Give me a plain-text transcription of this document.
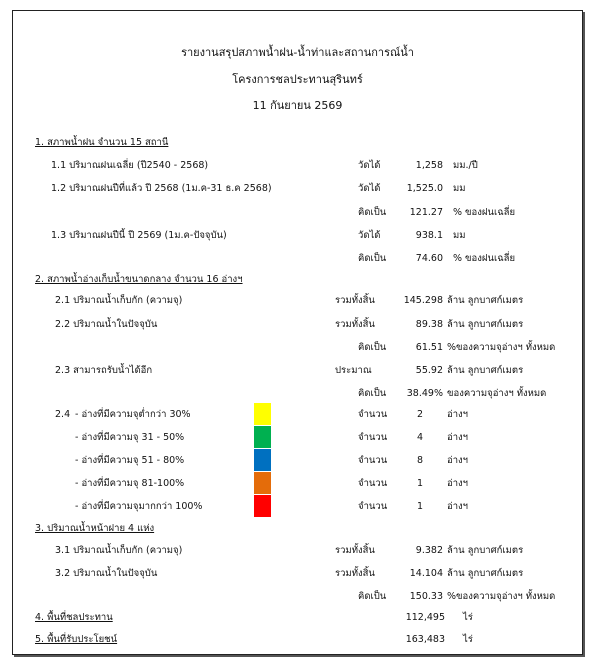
รายงานสรุปสภาพน้ำฝน-น้ำท่าและสถานการณ์น้ำ
โครงการชลประทานสุรินทร์
11 กันยายน 2569
1. สภาพน้ำฝน จำนวน 15 สถานี
1.1 ปริมาณฝนเฉลี่ย (ปี2540 - 2568)	วัดได้	1,258 มม./ปี
1.2 ปริมาณฝนปีที่แล้ว ปี 2568 (1ม.ค-31 ธ.ค 2568)	วัดได้	1,525.0 มม
คิดเป็น	121.27 % ของฝนเฉลี่ย
1.3 ปริมาณฝนปีนี้ ปี 2569 (1ม.ค-ปัจจุบัน)	วัดได้	938.1 มม
คิดเป็น	74.60 % ของฝนเฉลี่ย
2. สภาพน้ำอ่างเก็บน้ำขนาดกลาง จำนวน 16 อ่างฯ
2.1 ปริมาณน้ำเก็บกัก (ความจุ)	รวมทั้งสิ้น	145.298 ล้าน ลูกบาศก์เมตร
2.2 ปริมาณน้ำในปัจจุบัน	รวมทั้งสิ้น	89.38 ล้าน ลูกบาศก์เมตร
คิดเป็น	61.51 %ของความจุอ่างฯ ทั้งหมด
2.3 สามารถรับน้ำได้อีก	ประมาณ	55.92 ล้าน ลูกบาศก์เมตร
คิดเป็น	38.49% ของความจุอ่างฯ ทั้งหมด
2.4 - อ่างที่มีความจุต่ำกว่า 30%	จำนวน	2	อ่างฯ
- อ่างที่มีความจุ 31 - 50%	จำนวน	4	อ่างฯ
- อ่างที่มีความจุ 51 - 80%	จำนวน	8	อ่างฯ
- อ่างที่มีความจุ 81-100%	จำนวน	1	อ่างฯ
- อ่างที่มีความจุมากกว่า 100%	จำนวน	1	อ่างฯ
3. ปริมาณน้ำหน้าฝาย 4 แห่ง
3.1 ปริมาณน้ำเก็บกัก (ความจุ)	รวมทั้งสิ้น	9.382 ล้าน ลูกบาศก์เมตร
3.2 ปริมาณน้ำในปัจจุบัน	รวมทั้งสิ้น	14.104 ล้าน ลูกบาศก์เมตร
คิดเป็น	150.33 %ของความจุอ่างฯ ทั้งหมด
4. พื้นที่ชลประทาน	112,495 ไร่
5. พื้นที่รับประโยชน์	163,483 ไร่
